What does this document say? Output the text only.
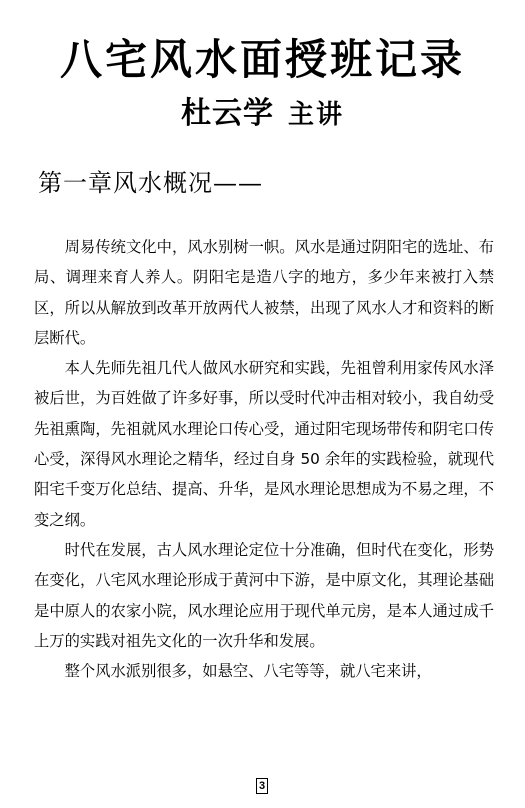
八宅风水面授班记录
杜云学 主讲
第一章风水概况——

周易传统文化中，风水别树一帜。风水是通过阴阳宅的选址、布局、调理来育人养人。阴阳宅是造八字的地方，多少年来被打入禁区，所以从解放到改革开放两代人被禁，出现了风水人才和资料的断层断代。

本人先师先祖几代人做风水研究和实践，先祖曾利用家传风水泽被后世，为百姓做了许多好事，所以受时代冲击相对较小，我自幼受先祖熏陶，先祖就风水理论口传心受，通过阳宅现场带传和阴宅口传心受，深得风水理论之精华，经过自身 50 余年的实践检验，就现代阳宅千变万化总结、提高、升华，是风水理论思想成为不易之理，不变之纲。

时代在发展，古人风水理论定位十分准确，但时代在变化，形势在变化，八宅风水理论形成于黄河中下游，是中原文化，其理论基础是中原人的农家小院，风水理论应用于现代单元房，是本人通过成千上万的实践对祖先文化的一次升华和发展。

整个风水派别很多，如悬空、八宅等等，就八宅来讲，

3
